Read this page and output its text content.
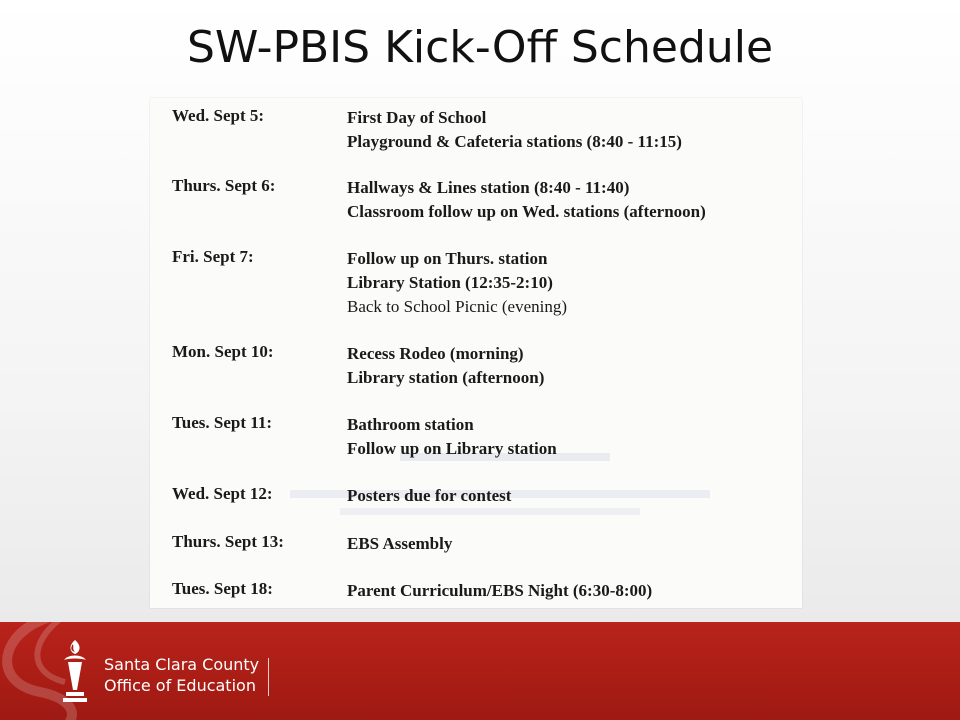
SW-PBIS Kick-Off Schedule
Wed. Sept 5:	First Day of School
Playground & Cafeteria stations (8:40 - 11:15)
Thurs. Sept 6:	Hallways & Lines station (8:40 - 11:40)
Classroom follow up on Wed. stations (afternoon)
Fri. Sept 7:	Follow up on Thurs. station
Library Station (12:35-2:10)
Back to School Picnic (evening)
Mon. Sept 10:	Recess Rodeo (morning)
Library station (afternoon)
Tues. Sept 11:	Bathroom station
Follow up on Library station
Wed. Sept 12:	Posters due for contest
Thurs. Sept 13:	EBS Assembly
Tues. Sept 18:	Parent Curriculum/EBS Night (6:30-8:00)
Santa Clara County
Office of Education
